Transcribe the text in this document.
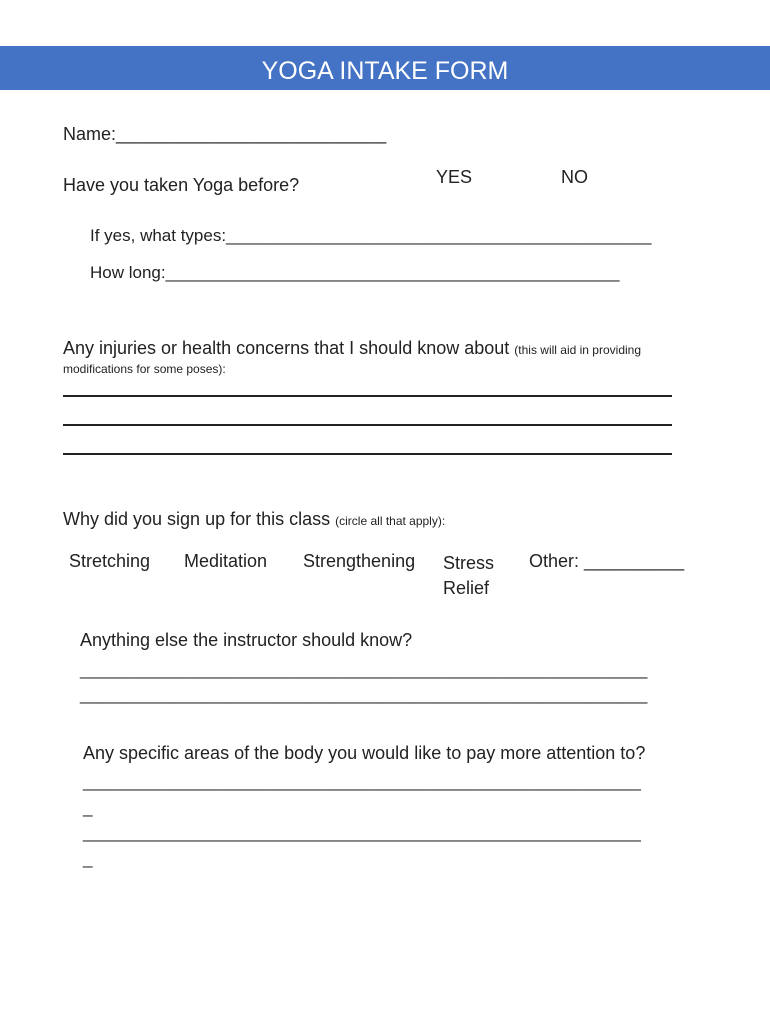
YOGA INTAKE FORM
Name:___________________________
Have you taken Yoga before?	YES	NO
If yes, what types:_____________________________________________
How long:________________________________________________
Any injuries or health concerns that I should know about (this will aid in providing
modifications for some poses):
Why did you sign up for this class (circle all that apply):
Stretching Meditation Strengthening Stress
Relief
Other: __________
Anything else the instructor should know?
____________________________________________________________
____________________________________________________________
Any specific areas of the body you would like to pay more attention to?
___________________________________________________________
_
___________________________________________________________
_
